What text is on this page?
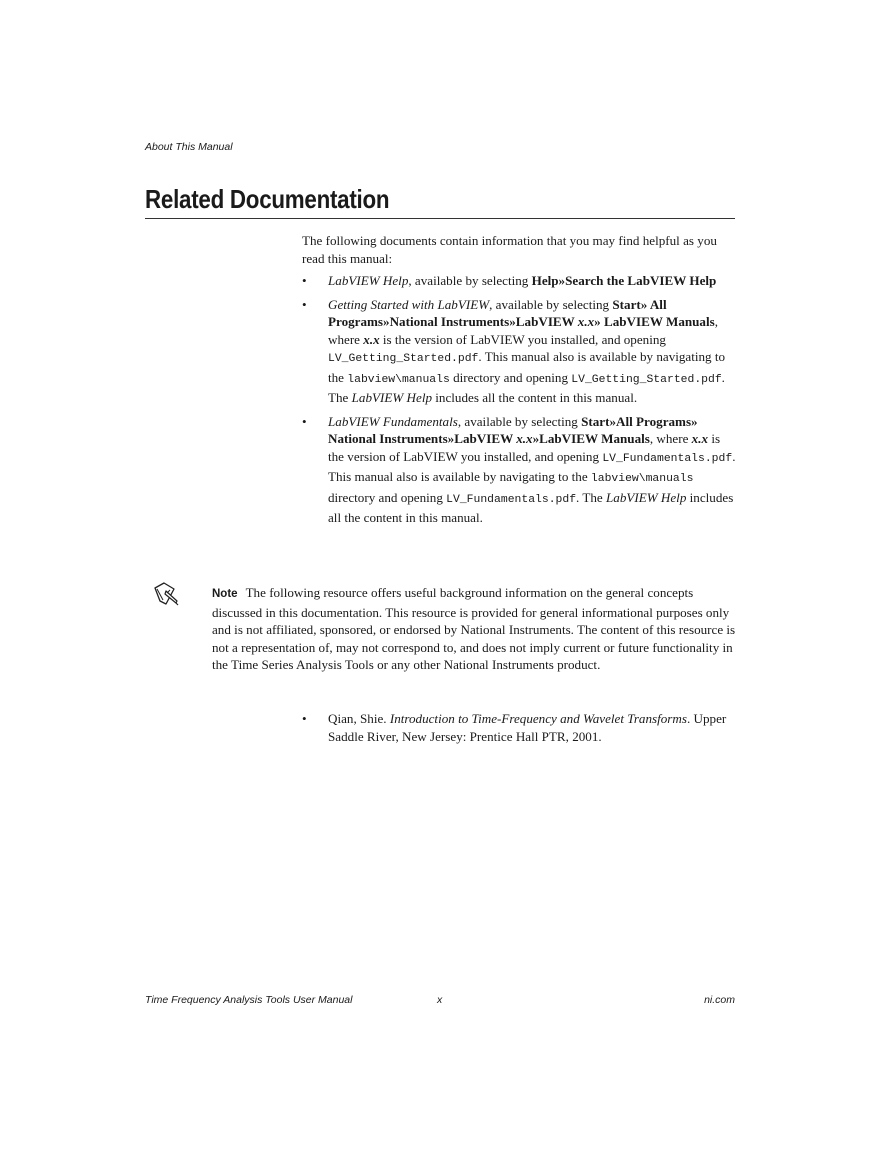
About This Manual
Related Documentation

The following documents contain information that you may find helpful as you read this manual:

• LabVIEW Help, available by selecting Help»Search the LabVIEW Help
• Getting Started with LabVIEW, available by selecting Start» All Programs»National Instruments»LabVIEW x.x» LabVIEW Manuals, where x.x is the version of LabVIEW you installed, and opening LV_Getting_Started.pdf. This manual also is available by navigating to the labview\manuals directory and opening LV_Getting_Started.pdf. The LabVIEW Help includes all the content in this manual.
• LabVIEW Fundamentals, available by selecting Start»All Programs» National Instruments»LabVIEW x.x»LabVIEW Manuals, where x.x is the version of LabVIEW you installed, and opening LV_Fundamentals.pdf. This manual also is available by navigating to the labview\manuals directory and opening LV_Fundamentals.pdf. The LabVIEW Help includes all the content in this manual.
Note The following resource offers useful background information on the general concepts discussed in this documentation. This resource is provided for general informational purposes only and is not affiliated, sponsored, or endorsed by National Instruments. The content of this resource is not a representation of, may not correspond to, and does not imply current or future functionality in the Time Series Analysis Tools or any other National Instruments product.
• Qian, Shie. Introduction to Time-Frequency and Wavelet Transforms. Upper Saddle River, New Jersey: Prentice Hall PTR, 2001.
Time Frequency Analysis Tools User Manual	x	ni.com
